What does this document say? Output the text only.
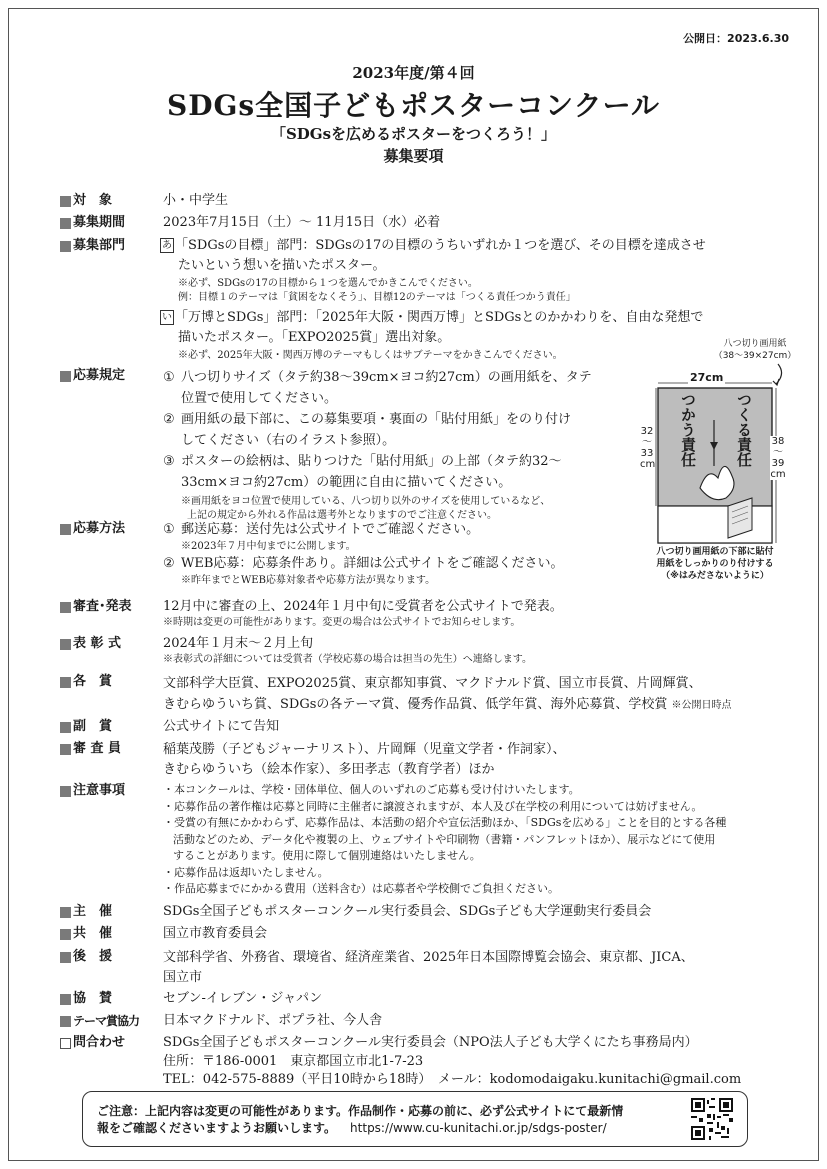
公開日：2023.6.30
2023年度/第４回
SDGs全国子どもポスターコンクール
「SDGsを広めるポスターをつくろう！」
募集要項
対　象	小・中学生
募集期間	2023年7月15日（土）～ 11月15日（水）必着
募集部門	あ 「SDGsの目標」部門：SDGsの17の目標のうちいずれか１つを選び、その目標を達成させ
たいという想いを描いたポスター。
※必ず、SDGsの17の目標から１つを選んでかきこんでください。
例：目標１のテーマは「貧困をなくそう」、目標12のテーマは「つくる責任つかう責任」
い 「万博とSDGs」部門：「2025年大阪・関西万博」とSDGsとのかかわりを、自由な発想で
描いたポスター。「EXPO2025賞」選出対象。
※必ず、2025年大阪・関西万博のテーマもしくはサブテーマをかきこんでください。
応募規定	① 八つ切りサイズ（タテ約38～39cm×ヨコ約27cm）の画用紙を、タテ
位置で使用してください。
② 画用紙の最下部に、この募集要項・裏面の「貼付用紙」をのり付け
してください（右のイラスト参照）。
③ ポスターの絵柄は、貼りつけた「貼付用紙」の上部（タテ約32～
33cm×ヨコ約27cm）の範囲に自由に描いてください。
※画用紙をヨコ位置で使用している、八つ切り以外のサイズを使用しているなど、
上記の規定から外れる作品は選考外となりますのでご注意ください。
応募方法	① 郵送応募：送付先は公式サイトでご確認ください。
※2023年７月中旬までに公開します。
② WEB応募：応募条件あり。詳細は公式サイトをご確認ください。
※昨年までとWEB応募対象者や応募方法が異なります。
審査･発表	12月中に審査の上、2024年１月中旬に受賞者を公式サイトで発表。
※時期は変更の可能性があります。変更の場合は公式サイトでお知らせします。
表 彰 式	2024年１月末～２月上旬
※表彰式の詳細については受賞者（学校応募の場合は担当の先生）へ連絡します。
各　賞	文部科学大臣賞、EXPO2025賞、東京都知事賞、マクドナルド賞、国立市長賞、片岡輝賞、
きむらゆういち賞、SDGsの各テーマ賞、優秀作品賞、低学年賞、海外応募賞、学校賞 ※公開日時点
副　賞	公式サイトにて告知
審 査 員	稲葉茂勝（子どもジャーナリスト）、片岡輝（児童文学者・作詞家）、
きむらゆういち（絵本作家）、多田孝志（教育学者）ほか
注意事項	・本コンクールは、学校・団体単位、個人のいずれのご応募も受け付けいたします。
・応募作品の著作権は応募と同時に主催者に譲渡されますが、本人及び在学校の利用については妨げません。
・受賞の有無にかかわらず、応募作品は、本活動の紹介や宣伝活動ほか、「SDGsを広める」ことを目的とする各種
活動などのため、データ化や複製の上、ウェブサイトや印刷物（書籍・パンフレットほか）、展示などにて使用
することがあります。使用に際して個別連絡はいたしません。
・応募作品は返却いたしません。
・作品応募までにかかる費用（送料含む）は応募者や学校側でご負担ください。
主　催	SDGs全国子どもポスターコンクール実行委員会、SDGs子ども大学運動実行委員会
共　催	国立市教育委員会
後　援	文部科学省、外務省、環境省、経済産業省、2025年日本国際博覧会協会、東京都、JICA、
国立市
協　賛	セブン‐イレブン・ジャパン
テーマ賞協力	日本マクドナルド、ポプラ社、今人舎
問合わせ	SDGs全国子どもポスターコンクール実行委員会（NPO法人子ども大学くにたち事務局内）
住所：〒186-0001　東京都国立市北1-7-23
TEL：042-575-8889（平日10時から18時）　メール：kodomodaigaku.kunitachi@gmail.com
八つ切り画用紙
（38～39×27cm）
27cm
32
～
33
cm
38
～
39
cm
つくる責任
つかう責任
八つ切り画用紙の下部に貼付
用紙をしっかりのり付けする
（※はみださないように）
ご注意：上記内容は変更の可能性があります。作品制作・応募の前に、必ず公式サイトにて最新情
報をご確認くださいますようお願いします。 https://www.cu-kunitachi.or.jp/sdgs-poster/
